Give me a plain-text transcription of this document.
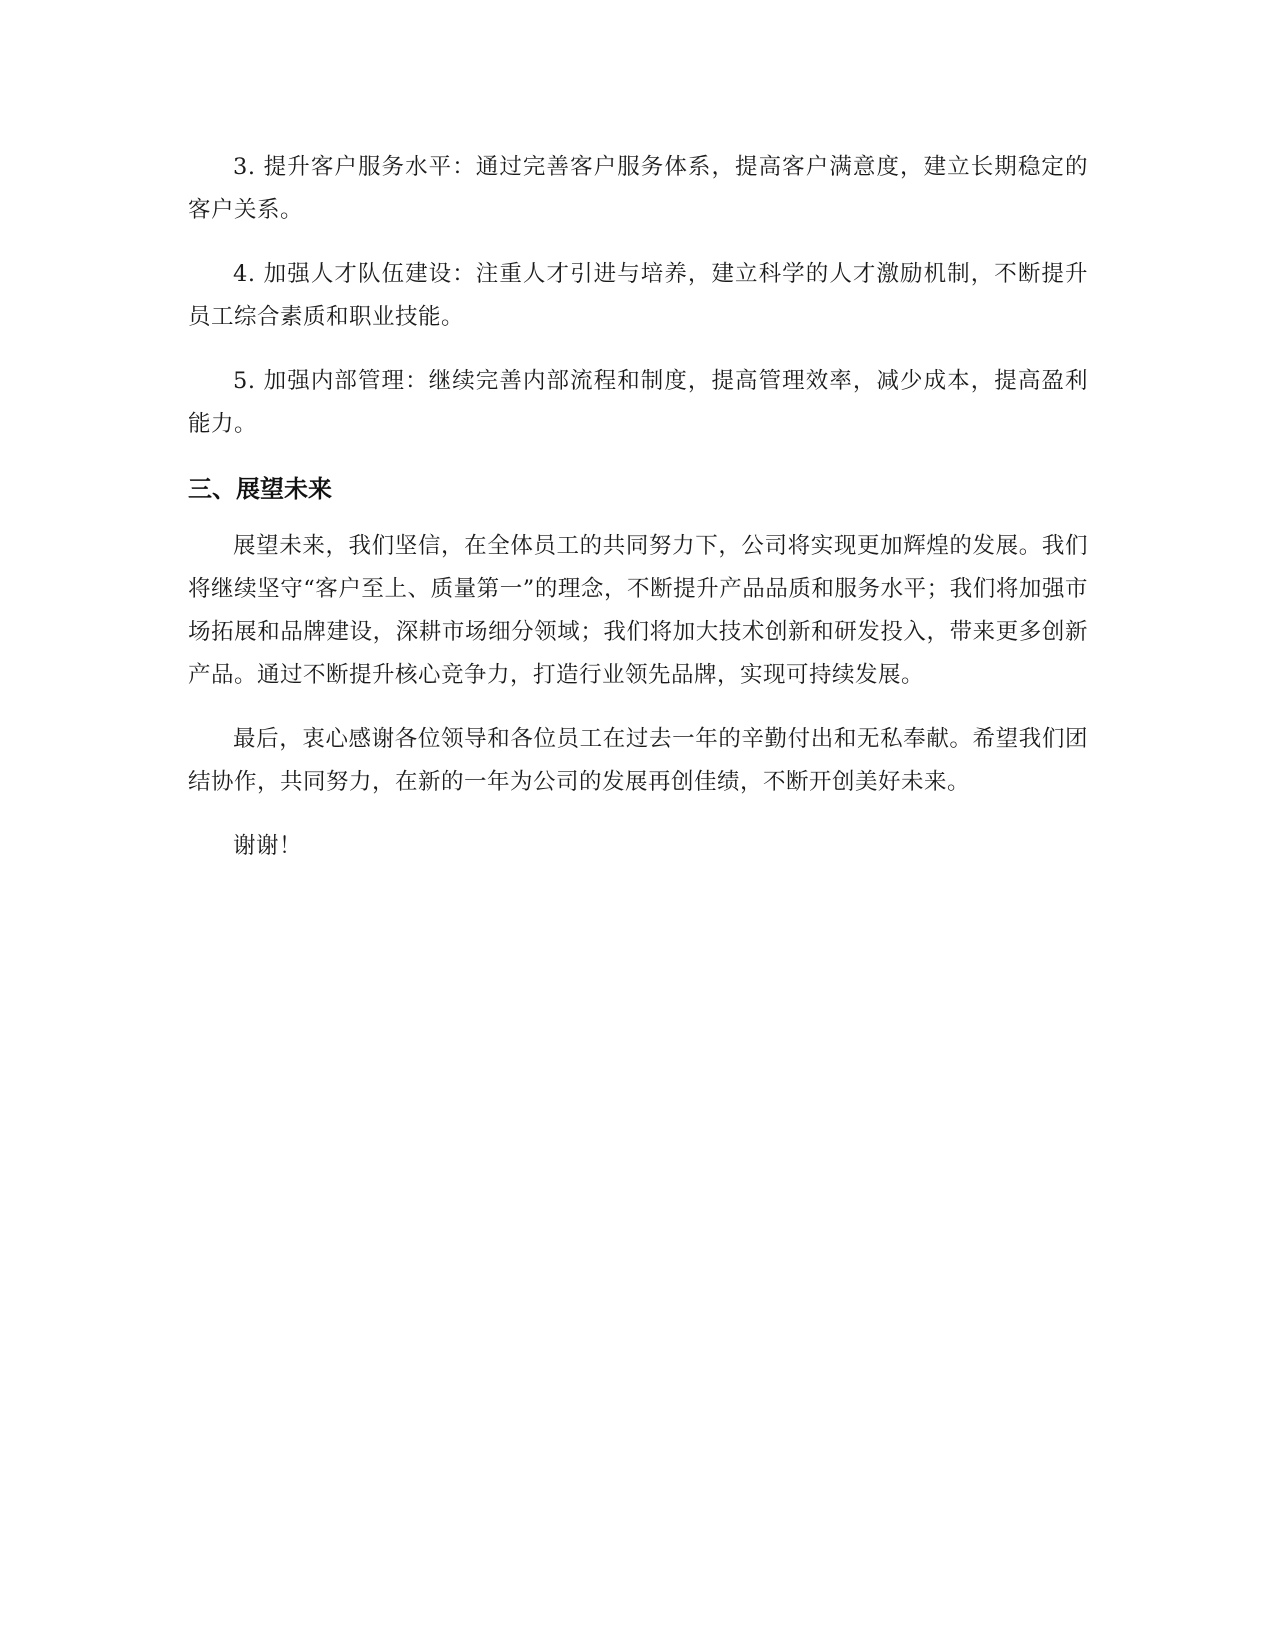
3. 提升客户服务水平：通过完善客户服务体系，提高客户满意度，建立长期稳定的客户关系。

4. 加强人才队伍建设：注重人才引进与培养，建立科学的人才激励机制，不断提升员工综合素质和职业技能。

5. 加强内部管理：继续完善内部流程和制度，提高管理效率，减少成本，提高盈利能力。

三、展望未来

展望未来，我们坚信，在全体员工的共同努力下，公司将实现更加辉煌的发展。我们将继续坚守“客户至上、质量第一”的理念，不断提升产品品质和服务水平；我们将加强市场拓展和品牌建设，深耕市场细分领域；我们将加大技术创新和研发投入，带来更多创新产品。通过不断提升核心竞争力，打造行业领先品牌，实现可持续发展。

最后，衷心感谢各位领导和各位员工在过去一年的辛勤付出和无私奉献。希望我们团结协作，共同努力，在新的一年为公司的发展再创佳绩，不断开创美好未来。

谢谢！
